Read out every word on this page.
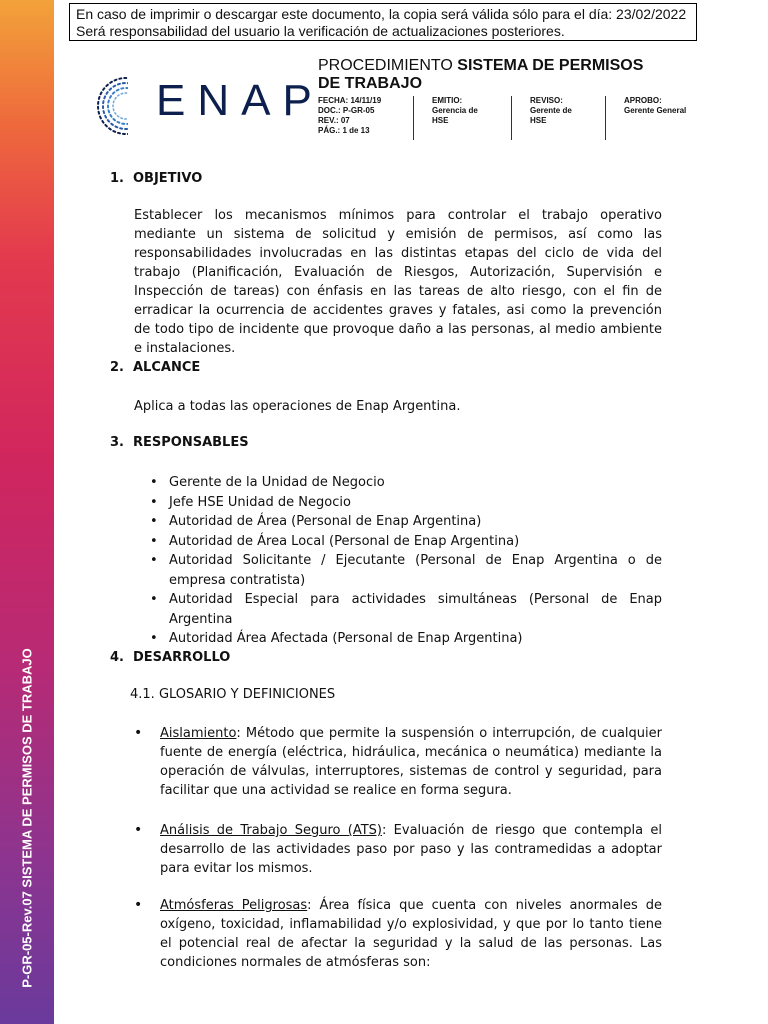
P-GR-05-Rev.07 SISTEMA DE PERMISOS DE TRABAJO
En caso de imprimir o descargar este documento, la copia será válida sólo para el día: 23/02/2022
Será responsabilidad del usuario la verificación de actualizaciones posteriores.
ENAP
PROCEDIMIENTO SISTEMA DE PERMISOS DE TRABAJO
FECHA: 14/11/19
DOC.: P-GR-05
REV.: 07
PÁG.: 1 de 13
EMITIO:
Gerencia de
HSE
REVISO:
Gerente de
HSE
APROBO:
Gerente General
1. OBJETIVO
Establecer los mecanismos mínimos para controlar el trabajo operativo mediante un sistema de solicitud y emisión de permisos, así como las responsabilidades involucradas en las distintas etapas del ciclo de vida del trabajo (Planificación, Evaluación de Riesgos, Autorización, Supervisión e Inspección de tareas) con énfasis en las tareas de alto riesgo, con el fin de erradicar la ocurrencia de accidentes graves y fatales, asi como la prevención de todo tipo de incidente que provoque daño a las personas, al medio ambiente e instalaciones.
2. ALCANCE
Aplica a todas las operaciones de Enap Argentina.
3. RESPONSABLES
• Gerente de la Unidad de Negocio
• Jefe HSE Unidad de Negocio
• Autoridad de Área (Personal de Enap Argentina)
• Autoridad de Área Local (Personal de Enap Argentina)
• Autoridad Solicitante / Ejecutante (Personal de Enap Argentina o de empresa contratista)
• Autoridad Especial para actividades simultáneas (Personal de Enap Argentina
• Autoridad Área Afectada (Personal de Enap Argentina)
4. DESARROLLO
4.1. GLOSARIO Y DEFINICIONES
• Aislamiento: Método que permite la suspensión o interrupción, de cualquier fuente de energía (eléctrica, hidráulica, mecánica o neumática) mediante la operación de válvulas, interruptores, sistemas de control y seguridad, para facilitar que una actividad se realice en forma segura.
• Análisis de Trabajo Seguro (ATS): Evaluación de riesgo que contempla el desarrollo de las actividades paso por paso y las contramedidas a adoptar para evitar los mismos.
• Atmósferas Peligrosas: Área física que cuenta con niveles anormales de oxígeno, toxicidad, inflamabilidad y/o explosividad, y que por lo tanto tiene el potencial real de afectar la seguridad y la salud de las personas. Las condiciones normales de atmósferas son:
